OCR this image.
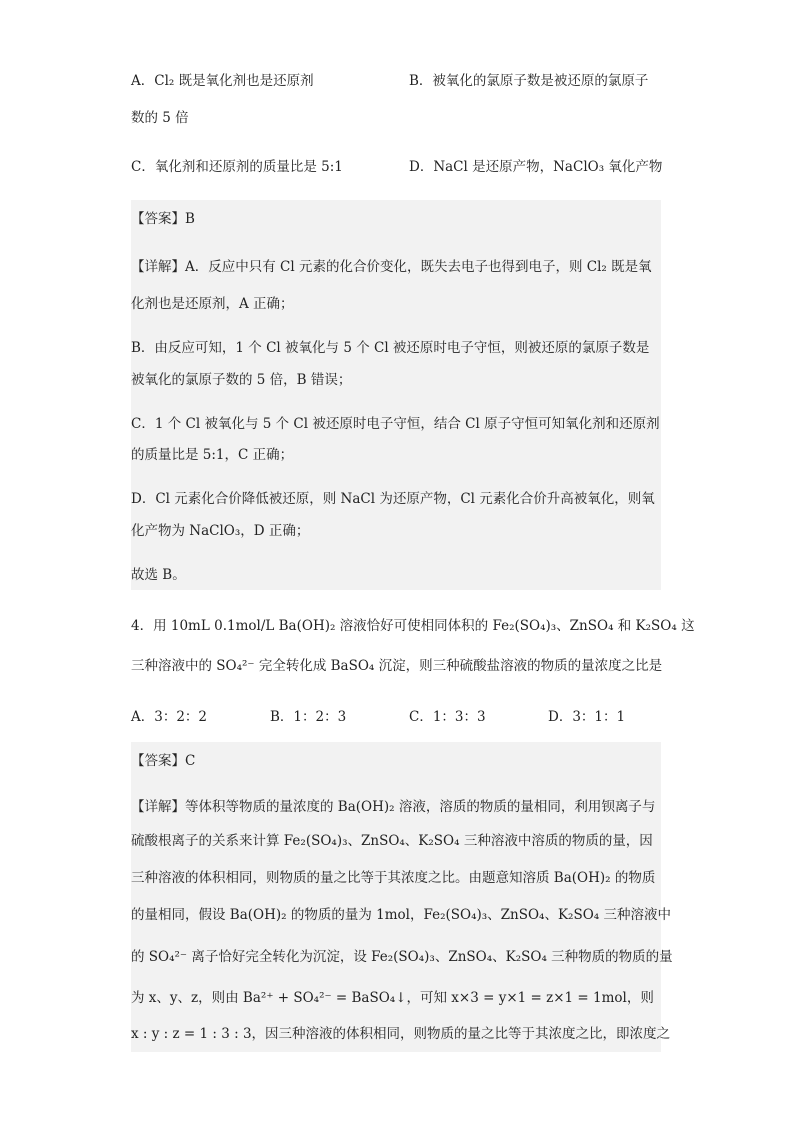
A．Cl₂ 既是氧化剂也是还原剂	B．被氧化的氯原子数是被还原的氯原子
数的 5 倍
C．氧化剂和还原剂的质量比是 5:1	D．NaCl 是还原产物，NaClO₃ 氧化产物
【答案】B
【详解】A．反应中只有 Cl 元素的化合价变化，既失去电子也得到电子，则 Cl₂ 既是氧
化剂也是还原剂，A 正确；
B．由反应可知，1 个 Cl 被氧化与 5 个 Cl 被还原时电子守恒，则被还原的氯原子数是
被氧化的氯原子数的 5 倍，B 错误；
C．1 个 Cl 被氧化与 5 个 Cl 被还原时电子守恒，结合 Cl 原子守恒可知氧化剂和还原剂
的质量比是 5:1，C 正确；
D．Cl 元素化合价降低被还原，则 NaCl 为还原产物，Cl 元素化合价升高被氧化，则氧
化产物为 NaClO₃，D 正确；
故选 B。
4．用 10mL 0.1mol/L Ba(OH)₂ 溶液恰好可使相同体积的 Fe₂(SO₄)₃、ZnSO₄ 和 K₂SO₄ 这
三种溶液中的 SO₄²⁻ 完全转化成 BaSO₄ 沉淀，则三种硫酸盐溶液的物质的量浓度之比是
A．3：2：2	B．1：2：3	C．1：3：3	D．3：1：1
【答案】C
【详解】等体积等物质的量浓度的 Ba(OH)₂ 溶液，溶质的物质的量相同，利用钡离子与
硫酸根离子的关系来计算 Fe₂(SO₄)₃、ZnSO₄、K₂SO₄ 三种溶液中溶质的物质的量，因
三种溶液的体积相同，则物质的量之比等于其浓度之比。由题意知溶质 Ba(OH)₂ 的物质
的量相同，假设 Ba(OH)₂ 的物质的量为 1mol，Fe₂(SO₄)₃、ZnSO₄、K₂SO₄ 三种溶液中
的 SO₄²⁻ 离子恰好完全转化为沉淀，设 Fe₂(SO₄)₃、ZnSO₄、K₂SO₄ 三种物质的物质的量
为 x、y、z，则由 Ba²⁺ + SO₄²⁻ = BaSO₄↓，可知 x×3 = y×1 = z×1 = 1mol，则
x : y : z = 1 : 3 : 3，因三种溶液的体积相同，则物质的量之比等于其浓度之比，即浓度之
